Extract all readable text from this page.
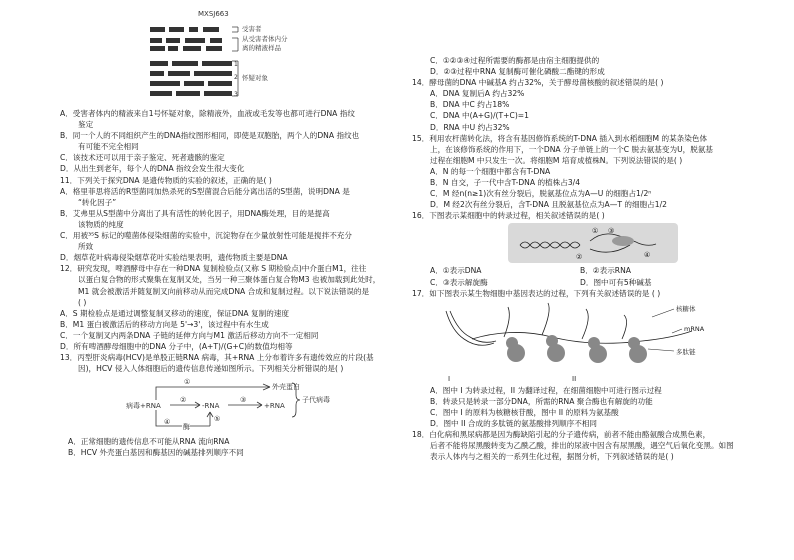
MXSJ663
受害者
从受害者体内分
离的精液样品
怀疑对象
1
2
3
A．受害者体内的精液来自1号怀疑对象，除精液外，血液或毛发等也都可进行DNA 指纹
鉴定
B．同一个人的不同组织产生的DNA指纹图形相同，即使是双胞胎，两个人的DNA 指纹也
有可能不完全相同
C．该技术还可以用于亲子鉴定、死者遗骸的鉴定
D．从出生到老年，每个人的DNA 指纹会发生很大变化
11．下列关于探究DNA 是遗传物质的实验的叙述，正确的是( )
A．格里菲思将活的R型菌同加热杀死的S型菌混合后能分离出活的S型菌，说明DNA 是
“转化因子”
B．艾弗里从S型菌中分离出了具有活性的转化因子，用DNA酶处理，目的是提高
该物质的纯度
C．用被³⁵S 标记的噬菌体侵染细菌的实验中，沉淀物存在少量放射性可能是搅拌不充分
所致
D．烟草花叶病毒侵染烟草花叶实验结果表明，遗传物质主要是DNA
12．研究发现，啤酒酵母中存在一种DNA 复制检验点(又称 S 期检验点)中介蛋白M1，往往
以蛋白复合物的形式聚集在复制叉处，当另一种三聚体蛋白复合物M3 也被加载到此处时，
M1 就会被激活并随复制叉向前移动从而完成DNA 合成和复制过程。以下说法错误的是
( )
A．S 期检验点是通过调整复制叉移动的速度，保证DNA 复制的速度
B．M1 蛋白被激活后的移动方向是 5'→3'，该过程中有水生成
C．一个复制叉内两条DNA 子链的延伸方向与M1 激活后移动方向不一定相同
D．所有啤酒酵母细胞中的DNA 分子中，(A+T)/(G+C)的数值均相等
13．丙型肝炎病毒(HCV)是单股正链RNA 病毒，其+RNA 上分布着许多有遗传效应的片段(基
因)，HCV 侵入人体细胞后的遗传信息传递如图所示。下列相关分析错误的是( )
①
②	③
④	⑤
病毒+RNA	-RNA	+RNA
外壳蛋白
酶
子代病毒
A．正常细胞的遗传信息不可能从RNA 流向RNA
B．HCV 外壳蛋白基因和酶基因的碱基排列顺序不同
C．①②③④过程所需要的酶都是由宿主细胞提供的
D．②③过程中RNA 复制酶可催化磷酸二酯键的形成
14．酵母菌的DNA 中碱基A 约占32%，关于酵母菌核酸的叙述错误的是( )
A．DNA 复制后A 约占32%
B．DNA 中C 约占18%
C．DNA 中(A+G)/(T+C)=1
D．RNA 中U 约占32%
15．利用农杆菌转化法，将含有基因修饰系统的T-DNA 插入到水稻细胞M 的某条染色体
上，在该修饰系统的作用下，一个DNA 分子单链上的一个C 脱去氨基变为U，脱氨基
过程在细胞M 中只发生一次。将细胞M 培育成植株N。下列说法错误的是( )
A．N 的每一个细胞中都含有T-DNA
B．N 自交，子一代中含T-DNA 的植株占3/4
C．M 经n(n≥1)次有丝分裂后，脱氨基位点为A—U 的细胞占1/2ⁿ
D．M 经2次有丝分裂后，含T-DNA 且脱氨基位点为A—T 的细胞占1/2
16．下图表示某细胞中的转录过程，相关叙述错误的是( )
① ③
②	④
A．①表示DNA	B．②表示RNA
C．③表示解旋酶	D．图中可有5种碱基
17．如下图表示某生物细胞中基因表达的过程，下列有关叙述错误的是 ( )
核糖体
mRNA
多肽链
I	II
A．图中 I 为转录过程，II 为翻译过程，在细菌细胞中可进行图示过程
B．转录只是转录一部分DNA，所需的RNA 聚合酶也有解旋的功能
C．图中 I 的原料为核糖核苷酸，图中 II 的原料为氨基酸
D．图中 II 合成的多肽链的氨基酸排列顺序不相同
18．白化病和黑尿病都是因为酶缺陷引起的分子遗传病，前者不能由酪氨酸合成黑色素，
后者不能将尿黑酸转变为乙酰乙酸，排出的尿液中因含有尿黑酸，遇空气后氧化变黑。如图
表示人体内与之相关的一系列生化过程，据图分析，下列叙述错误的是( )
